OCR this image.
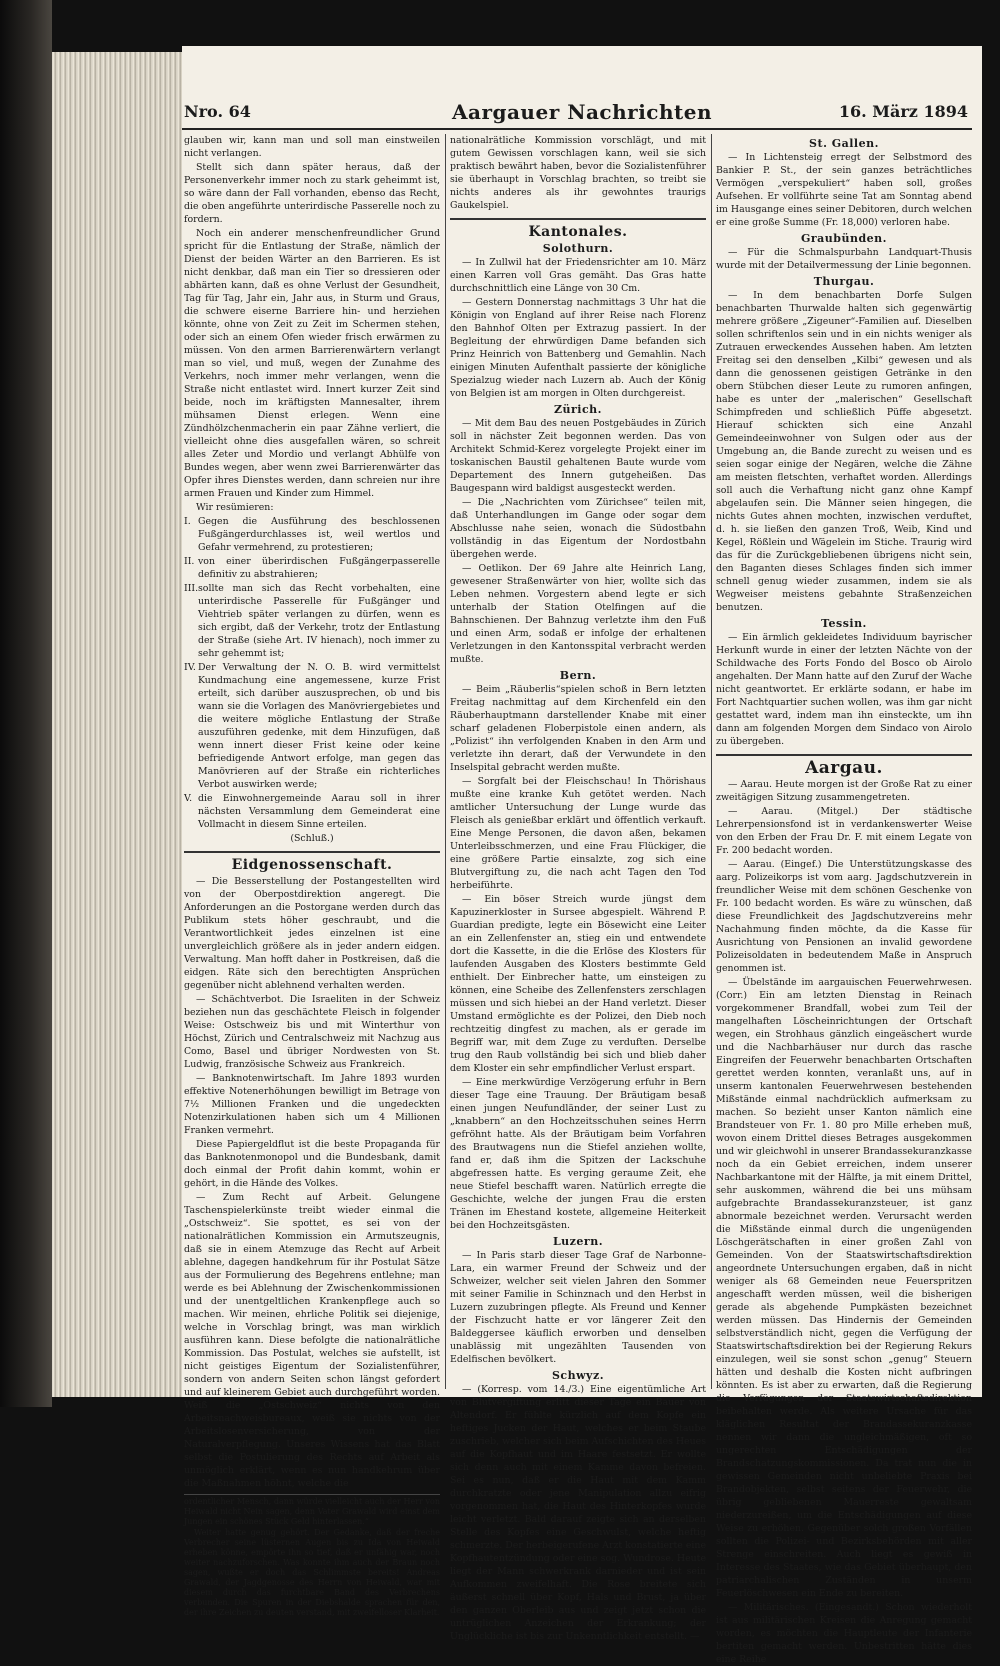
Nro. 64	Aargauer Nachrichten	16. März 1894

glauben wir, kann man und soll man einstweilen nicht verlangen.

Stellt sich dann später heraus, daß der Personenverkehr immer noch zu stark geheimmt ist, so wäre dann der Fall vorhanden, ebenso das Recht, die oben angeführte unterirdische Passerelle noch zu fordern.

Noch ein anderer menschenfreundlicher Grund spricht für die Entlastung der Straße, nämlich der Dienst der beiden Wärter an den Barrieren. Es ist nicht denkbar, daß man ein Tier so dressieren oder abhärten kann, daß es ohne Verlust der Gesundheit, Tag für Tag, Jahr ein, Jahr aus, in Sturm und Graus, die schwere eiserne Barriere hin- und herziehen könnte, ohne von Zeit zu Zeit im Schermen stehen, oder sich an einem Ofen wieder frisch erwärmen zu müssen. Von den armen Barrierenwärtern verlangt man so viel, und muß, wegen der Zunahme des Verkehrs, noch immer mehr verlangen, wenn die Straße nicht entlastet wird. Innert kurzer Zeit sind beide, noch im kräftigsten Mannesalter, ihrem mühsamen Dienst erlegen. Wenn eine Zündhölzchenmacherin ein paar Zähne verliert, die vielleicht ohne dies ausgefallen wären, so schreit alles Zeter und Mordio und verlangt Abhülfe von Bundes wegen, aber wenn zwei Barrierenwärter das Opfer ihres Dienstes werden, dann schreien nur ihre armen Frauen und Kinder zum Himmel.

Wir resümieren:

I. Gegen die Ausführung des beschlossenen Fußgängerdurchlasses ist, weil wertlos und Gefahr vermehrend, zu protestieren;

II. von einer überirdischen Fußgängerpasserelle definitiv zu abstrahieren;

III. sollte man sich das Recht vorbehalten, eine unterirdische Passerelle für Fußgänger und Viehtrieb später verlangen zu dürfen, wenn es sich ergibt, daß der Verkehr, trotz der Entlastung der Straße (siehe Art. IV hienach), noch immer zu sehr gehemmt ist;

IV. Der Verwaltung der N. O. B. wird vermittelst Kundmachung eine angemessene, kurze Frist erteilt, sich darüber auszusprechen, ob und bis wann sie die Vorlagen des Manövriergebietes und die weitere mögliche Entlastung der Straße auszuführen gedenke, mit dem Hinzufügen, daß wenn innert dieser Frist keine oder keine befriedigende Antwort erfolge, man gegen das Manövrieren auf der Straße ein richterliches Verbot auswirken werde;

V. die Einwohnergemeinde Aarau soll in ihrer nächsten Versammlung dem Gemeinderat eine Vollmacht in diesem Sinne erteilen.

(Schluß.)

Eidgenossenschaft.

— Die Besserstellung der Postangestellten wird von der Oberpostdirektion angeregt. Die Anforderungen an die Postorgane werden durch das Publikum stets höher geschraubt, und die Verantwortlichkeit jedes einzelnen ist eine unvergleichlich größere als in jeder andern eidgen. Verwaltung. Man hofft daher in Postkreisen, daß die eidgen. Räte sich den berechtigten Ansprüchen gegenüber nicht ablehnend verhalten werden.

— Schächtverbot. Die Israeliten in der Schweiz beziehen nun das geschächtete Fleisch in folgender Weise: Ostschweiz bis und mit Winterthur von Höchst, Zürich und Centralschweiz mit Nachzug aus Como, Basel und übriger Nordwesten von St. Ludwig, französische Schweiz aus Frankreich.

— Banknotenwirtschaft. Im Jahre 1893 wurden effektive Notenerhöhungen bewilligt im Betrage von 7½ Millionen Franken und die ungedeckten Notenzirkulationen haben sich um 4 Millionen Franken vermehrt.

Diese Papiergeldflut ist die beste Propaganda für das Banknotenmonopol und die Bundesbank, damit doch einmal der Profit dahin kommt, wohin er gehört, in die Hände des Volkes.

— Zum Recht auf Arbeit. Gelungene Taschenspielerkünste treibt wieder einmal die „Ostschweiz“. Sie spottet, es sei von der nationalrätlichen Kommission ein Armutszeugnis, daß sie in einem Atemzuge das Recht auf Arbeit ablehne, dagegen handkehrum für ihr Postulat Sätze aus der Formulierung des Begehrens entlehne; man werde es bei Ablehnung der Zwischenkommissionen und der unentgeltlichen Krankenpflege auch so machen. Wir meinen, ehrliche Politik sei diejenige, welche in Vorschlag bringt, was man wirklich ausführen kann. Diese befolgte die nationalrätliche Kommission. Das Postulat, welches sie aufstellt, ist nicht geistiges Eigentum der Sozialistenführer, sondern von andern Seiten schon längst gefordert und auf kleinerem Gebiet auch durchgeführt worden. Weiß die „Ostschweiz“ nichts von den Arbeitsnachweisbureaux, weiß sie nichts von der Arbeitslosenversicherung, von der Naturalverpflegung. Unseres Wissens hat das Blatt selbst die Postulierung des Rechts auf Arbeit als unmöglich erklärt, wenn es nun handkehrum über die Maßnahmen höhnt, welche die

ordentlicher Mensch, dann würde vielleicht auch der Herr von Heiwald nicht Nein sagen, denn Vater Grawald wird einst dem Jungen ein schönes Stück Geld hinterlassen.“

Weiter hatte genug gehört. Der Gedanke, daß der freche Verbrecher seine lüsternen Augen bis zu Ida von Heiwald erheben könne, empörte ihn so tief, daß er unfähig war, noch weiter nachzuforschen. Was konnte ihm auch der Braun noch sagen, wußte er doch das Schlimmste bereits! Andreas Grawald, der Jagdgenosse des Herrn von Heiwald, war mit diesem durch das furchtbare Band des Verbrechens verbunden. Die Spuren in der Diebshalde sprachen für den, der ihre Zeichen zu deuten verstand, mit zweifelloser Klarheit.

nationalrätliche Kommission vorschlägt, und mit gutem Gewissen vorschlagen kann, weil sie sich praktisch bewährt haben, bevor die Sozialistenführer sie überhaupt in Vorschlag brachten, so treibt sie nichts anderes als ihr gewohntes traurigs Gaukelspiel.

Kantonales.
Solothurn.

— In Zullwil hat der Friedensrichter am 10. März einen Karren voll Gras gemäht. Das Gras hatte durchschnittlich eine Länge von 30 Cm.

— Gestern Donnerstag nachmittags 3 Uhr hat die Königin von England auf ihrer Reise nach Florenz den Bahnhof Olten per Extrazug passiert. In der Begleitung der ehrwürdigen Dame befanden sich Prinz Heinrich von Battenberg und Gemahlin. Nach einigen Minuten Aufenthalt passierte der königliche Spezialzug wieder nach Luzern ab. Auch der König von Belgien ist am morgen in Olten durchgereist.

Zürich.

— Mit dem Bau des neuen Postgebäudes in Zürich soll in nächster Zeit begonnen werden. Das von Architekt Schmid-Kerez vorgelegte Projekt einer im toskanischen Baustil gehaltenen Baute wurde vom Departement des Innern gutgeheißen. Das Baugespann wird baldigst ausgesteckt werden.

— Die „Nachrichten vom Zürichsee“ teilen mit, daß Unterhandlungen im Gange oder sogar dem Abschlusse nahe seien, wonach die Südostbahn vollständig in das Eigentum der Nordostbahn übergehen werde.

— Oetlikon. Der 69 Jahre alte Heinrich Lang, gewesener Straßenwärter von hier, wollte sich das Leben nehmen. Vorgestern abend legte er sich unterhalb der Station Otelfingen auf die Bahnschienen. Der Bahnzug verletzte ihm den Fuß und einen Arm, sodaß er infolge der erhaltenen Verletzungen in den Kantonsspital verbracht werden mußte.

Bern.

— Beim „Räuberlis“spielen schoß in Bern letzten Freitag nachmittag auf dem Kirchenfeld ein den Räuberhauptmann darstellender Knabe mit einer scharf geladenen Floberpistole einen andern, als „Polizist“ ihn verfolgenden Knaben in den Arm und verletzte ihn derart, daß der Verwundete in den Inselspital gebracht werden mußte.

— Sorgfalt bei der Fleischschau! In Thörishaus mußte eine kranke Kuh getötet werden. Nach amtlicher Untersuchung der Lunge wurde das Fleisch als genießbar erklärt und öffentlich verkauft. Eine Menge Personen, die davon aßen, bekamen Unterleibsschmerzen, und eine Frau Flückiger, die eine größere Partie einsalzte, zog sich eine Blutvergiftung zu, die nach acht Tagen den Tod herbeiführte.

— Ein böser Streich wurde jüngst dem Kapuzinerkloster in Sursee abgespielt. Während P. Guardian predigte, legte ein Bösewicht eine Leiter an ein Zellenfenster an, stieg ein und entwendete dort die Kassette, in die die Erlöse des Klosters für laufenden Ausgaben des Klosters bestimmte Geld enthielt. Der Einbrecher hatte, um einsteigen zu können, eine Scheibe des Zellenfensters zerschlagen müssen und sich hiebei an der Hand verletzt. Dieser Umstand ermöglichte es der Polizei, den Dieb noch rechtzeitig dingfest zu machen, als er gerade im Begriff war, mit dem Zuge zu verduften. Derselbe trug den Raub vollständig bei sich und blieb daher dem Kloster ein sehr empfindlicher Verlust erspart.

— Eine merkwürdige Verzögerung erfuhr in Bern dieser Tage eine Trauung. Der Bräutigam besaß einen jungen Neufundländer, der seiner Lust zu „knabbern“ an den Hochzeitsschuhen seines Herrn gefröhnt hatte. Als der Bräutigam beim Vorfahren des Brautwagens nun die Stiefel anziehen wollte, fand er, daß ihm die Spitzen der Lackschuhe abgefressen hatte. Es verging geraume Zeit, ehe neue Stiefel beschafft waren. Natürlich erregte die Geschichte, welche der jungen Frau die ersten Tränen im Ehestand kostete, allgemeine Heiterkeit bei den Hochzeitsgästen.

Luzern.

— In Paris starb dieser Tage Graf de Narbonne-Lara, ein warmer Freund der Schweiz und der Schweizer, welcher seit vielen Jahren den Sommer mit seiner Familie in Schinznach und den Herbst in Luzern zuzubringen pflegte. Als Freund und Kenner der Fischzucht hatte er vor längerer Zeit den Baldeggersee käuflich erworben und denselben unablässig mit ungezählten Tausenden von Edelfischen bevölkert.

Schwyz.

— (Korresp. vom 14./3.) Eine eigentümliche Art von Blutvergiftung erlitt dieser Tage ein Bauer von Altendorf. Er fühlte kürzlich auf dem Kopfe ein heftiges Jucken der Haut, welches er beim Staube zuschrieb, welcher sich beim Aufschichten des Heues auf die Kopfhaut und im Haare festsetzt. Er wollte sich denn auch mit einem Kamme davon befreien. Sei es nun, daß er die Haut mit dem Kamm durchkratzte oder jene Manipulation allzu eifrig vorgenommen hat, die Haut des Hinterkopfes wurde leicht verletzt. Bald darauf zeigte sich an derselben Stelle des Kopfes eine Geschwulst, welche heftig schmerzte. Der herbeigerufene Arzt konstatierte eine Kopfhautentzündung oder eine sog. Wundrose. Heute liegt der Mann schwerkrank darnieder und ist sein Aufkommen zweifelhaft. Die Rose breitete sich äußerst schnell über Kopf, Hals und Brust, ja über den ganzen Oberleib aus und zeigt jetzt schon die untrüglichen Anzeichen der Erkrankung; der Unglückliche ist bis zur Unkenntlichkeit entstellt. —

St. Gallen.

— In Lichtensteig erregt der Selbstmord des Bankier P. St., der sein ganzes beträchtliches Vermögen „verspekuliert“ haben soll, großes Aufsehen. Er vollführte seine Tat am Sonntag abend im Hausgange eines seiner Debitoren, durch welchen er eine große Summe (Fr. 18,000) verloren habe.

Graubünden.

— Für die Schmalspurbahn Landquart-Thusis wurde mit der Detailvermessung der Linie begonnen.

Thurgau.

— In dem benachbarten Dorfe Sulgen benachbarten Thurwalde halten sich gegenwärtig mehrere größere „Zigeuner“-Familien auf. Dieselben sollen schriftenlos sein und in ein nichts weniger als Zutrauen erweckendes Aussehen haben. Am letzten Freitag sei den denselben „Kilbi“ gewesen und als dann die genossenen geistigen Getränke in den obern Stübchen dieser Leute zu rumoren anfingen, habe es unter der „malerischen“ Gesellschaft Schimpfreden und schließlich Püffe abgesetzt. Hierauf schickten sich eine Anzahl Gemeindeeinwohner von Sulgen oder aus der Umgebung an, die Bande zurecht zu weisen und es seien sogar einige der Negären, welche die Zähne am meisten fletschten, verhaftet worden. Allerdings soll auch die Verhaftung nicht ganz ohne Kampf abgelaufen sein. Die Männer seien hingegen, die nichts Gutes ahnen mochten, inzwischen verduftet, d. h. sie ließen den ganzen Troß, Weib, Kind und Kegel, Rößlein und Wägelein im Stiche. Traurig wird das für die Zurückgebliebenen übrigens nicht sein, den Baganten dieses Schlages finden sich immer schnell genug wieder zusammen, indem sie als Wegweiser meistens gebahnte Straßenzeichen benutzen.

Tessin.

— Ein ärmlich gekleidetes Individuum bayrischer Herkunft wurde in einer der letzten Nächte von der Schildwache des Forts Fondo del Bosco ob Airolo angehalten. Der Mann hatte auf den Zuruf der Wache nicht geantwortet. Er erklärte sodann, er habe im Fort Nachtquartier suchen wollen, was ihm gar nicht gestattet ward, indem man ihn einsteckte, um ihn dann am folgenden Morgen dem Sindaco von Airolo zu übergeben.

Aargau.

— Aarau. Heute morgen ist der Große Rat zu einer zweitägigen Sitzung zusammengetreten.

— Aarau. (Mitgel.) Der städtische Lehrerpensionsfond ist in verdankenswerter Weise von den Erben der Frau Dr. F. mit einem Legate von Fr. 200 bedacht worden.

— Aarau. (Eingef.) Die Unterstützungskasse des aarg. Polizeikorps ist vom aarg. Jagdschutzverein in freundlicher Weise mit dem schönen Geschenke von Fr. 100 bedacht worden. Es wäre zu wünschen, daß diese Freundlichkeit des Jagdschutzvereins mehr Nachahmung finden möchte, da die Kasse für Ausrichtung von Pensionen an invalid gewordene Polizeisoldaten in bedeutendem Maße in Anspruch genommen ist.

— Übelstände im aargauischen Feuerwehrwesen. (Corr.) Ein am letzten Dienstag in Reinach vorgekommener Brandfall, wobei zum Teil der mangelhaften Löscheinrichtungen der Ortschaft wegen, ein Strohhaus gänzlich eingeäschert wurde und die Nachbarhäuser nur durch das rasche Eingreifen der Feuerwehr benachbarten Ortschaften gerettet werden konnten, veranlaßt uns, auf in unserm kantonalen Feuerwehrwesen bestehenden Mißstände einmal nachdrücklich aufmerksam zu machen. So bezieht unser Kanton nämlich eine Brandsteuer von Fr. 1. 80 pro Mille erheben muß, wovon einem Drittel dieses Betrages ausgekommen und wir gleichwohl in unserer Brandassekuranzkasse noch da ein Gebiet erreichen, indem unserer Nachbarkantone mit der Hälfte, ja mit einem Drittel, sehr auskommen, während die bei uns mühsam aufgebrachte Brandassekuranzsteuer, ist ganz abnormale bezeichnet werden. Verursacht werden die Mißstände einmal durch die ungenügenden Löschgerätschaften in einer großen Zahl von Gemeinden. Von der Staatswirtschaftsdirektion angeordnete Untersuchungen ergaben, daß in nicht weniger als 68 Gemeinden neue Feuerspritzen angeschafft werden müssen, weil die bisherigen gerade als abgehende Pumpkästen bezeichnet werden müssen. Das Hindernis der Gemeinden selbstverständlich nicht, gegen die Verfügung der Staatswirtschaftsdirektion bei der Regierung Rekurs einzulegen, weil sie sonst schon „genug“ Steuern hätten und deshalb die Kosten nicht aufbringen könnten. Es ist aber zu erwarten, daß die Regierung die Verfügungen der Staatswirtschaftsdirektion beibehalten werde. Als weitere Ursache für das kläglichen Resultat der Brandassekuranzkasse nennen wir dann die ungleichmäßigen, oft so ungerechten Entschädigungen der Brandschatzungskommissionen. Da trat nun die in gewissen Gemeinden nicht unbeliebte Praxis bei Brandobjekten, selbst seitens der Feuerwehr, die übrig gebliebenen Mauerreste gewaltsam niederzureißen, um die Entschädigungen auf diese Weise zu erhöhen. Gegenüber solch großen Vorfällen sollten die Polizei- und Bezirksbehörden mit aller Strenge einschreiten. Auch liegt es gewiß in Interesse des Staates, wie das Gebiet überhaupt, den patriarchalischen Zuständen in unserm Feuerlöschwesen ein Ende zu bereiten.

— Militärisches. (Eingesandt.) Schon wiederholt ist aus militärischen Kreisen die Anregung gemacht worden, es möchten die Hauptleute der Infanterie bertiten gemacht werden. Unbestritten hätte dies eine Reihe
